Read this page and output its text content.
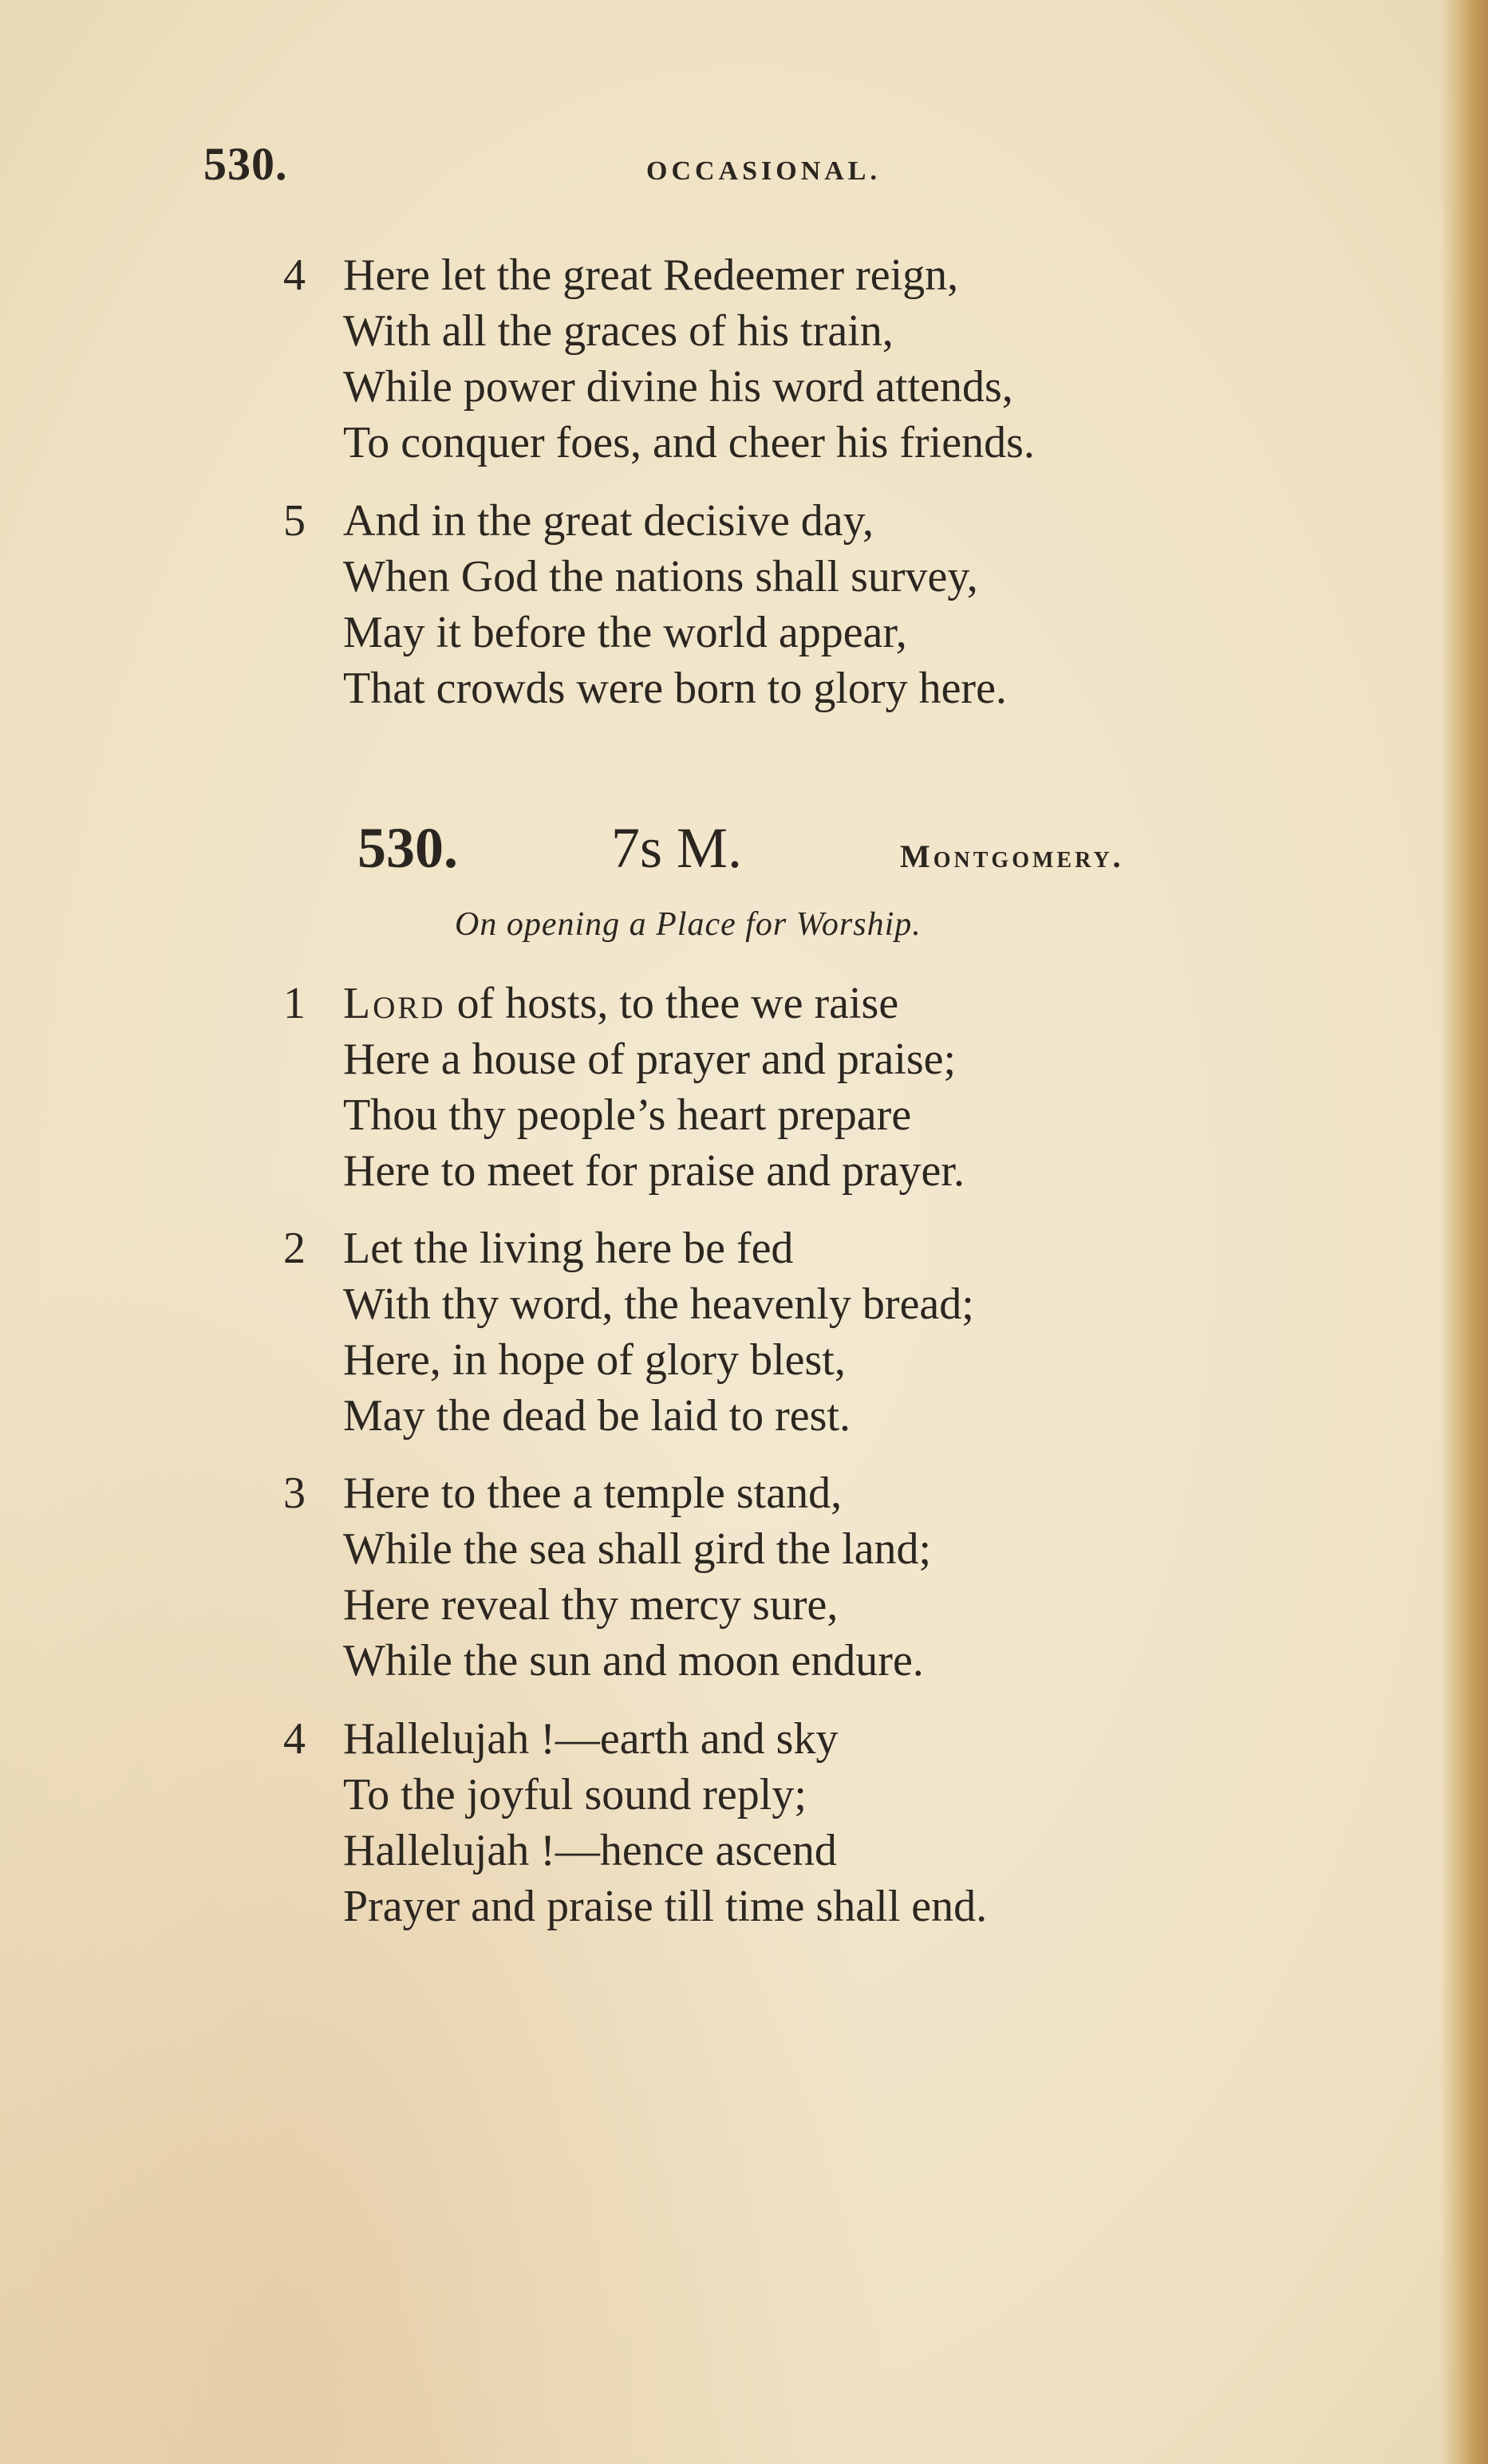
530.	OCCASIONAL.
4 Here let the great Redeemer reign,
With all the graces of his train,
While power divine his word attends,
To conquer foes, and cheer his friends.
5 And in the great decisive day,
When God the nations shall survey,
May it before the world appear,
That crowds were born to glory here.
530.	7s M.	Montgomery.
On opening a Place for Worship.
1 Lord of hosts, to thee we raise
Here a house of prayer and praise;
Thou thy people’s heart prepare
Here to meet for praise and prayer.
2 Let the living here be fed
With thy word, the heavenly bread;
Here, in hope of glory blest,
May the dead be laid to rest.
3 Here to thee a temple stand,
While the sea shall gird the land;
Here reveal thy mercy sure,
While the sun and moon endure.
4 Hallelujah !—earth and sky
To the joyful sound reply;
Hallelujah !—hence ascend
Prayer and praise till time shall end.
